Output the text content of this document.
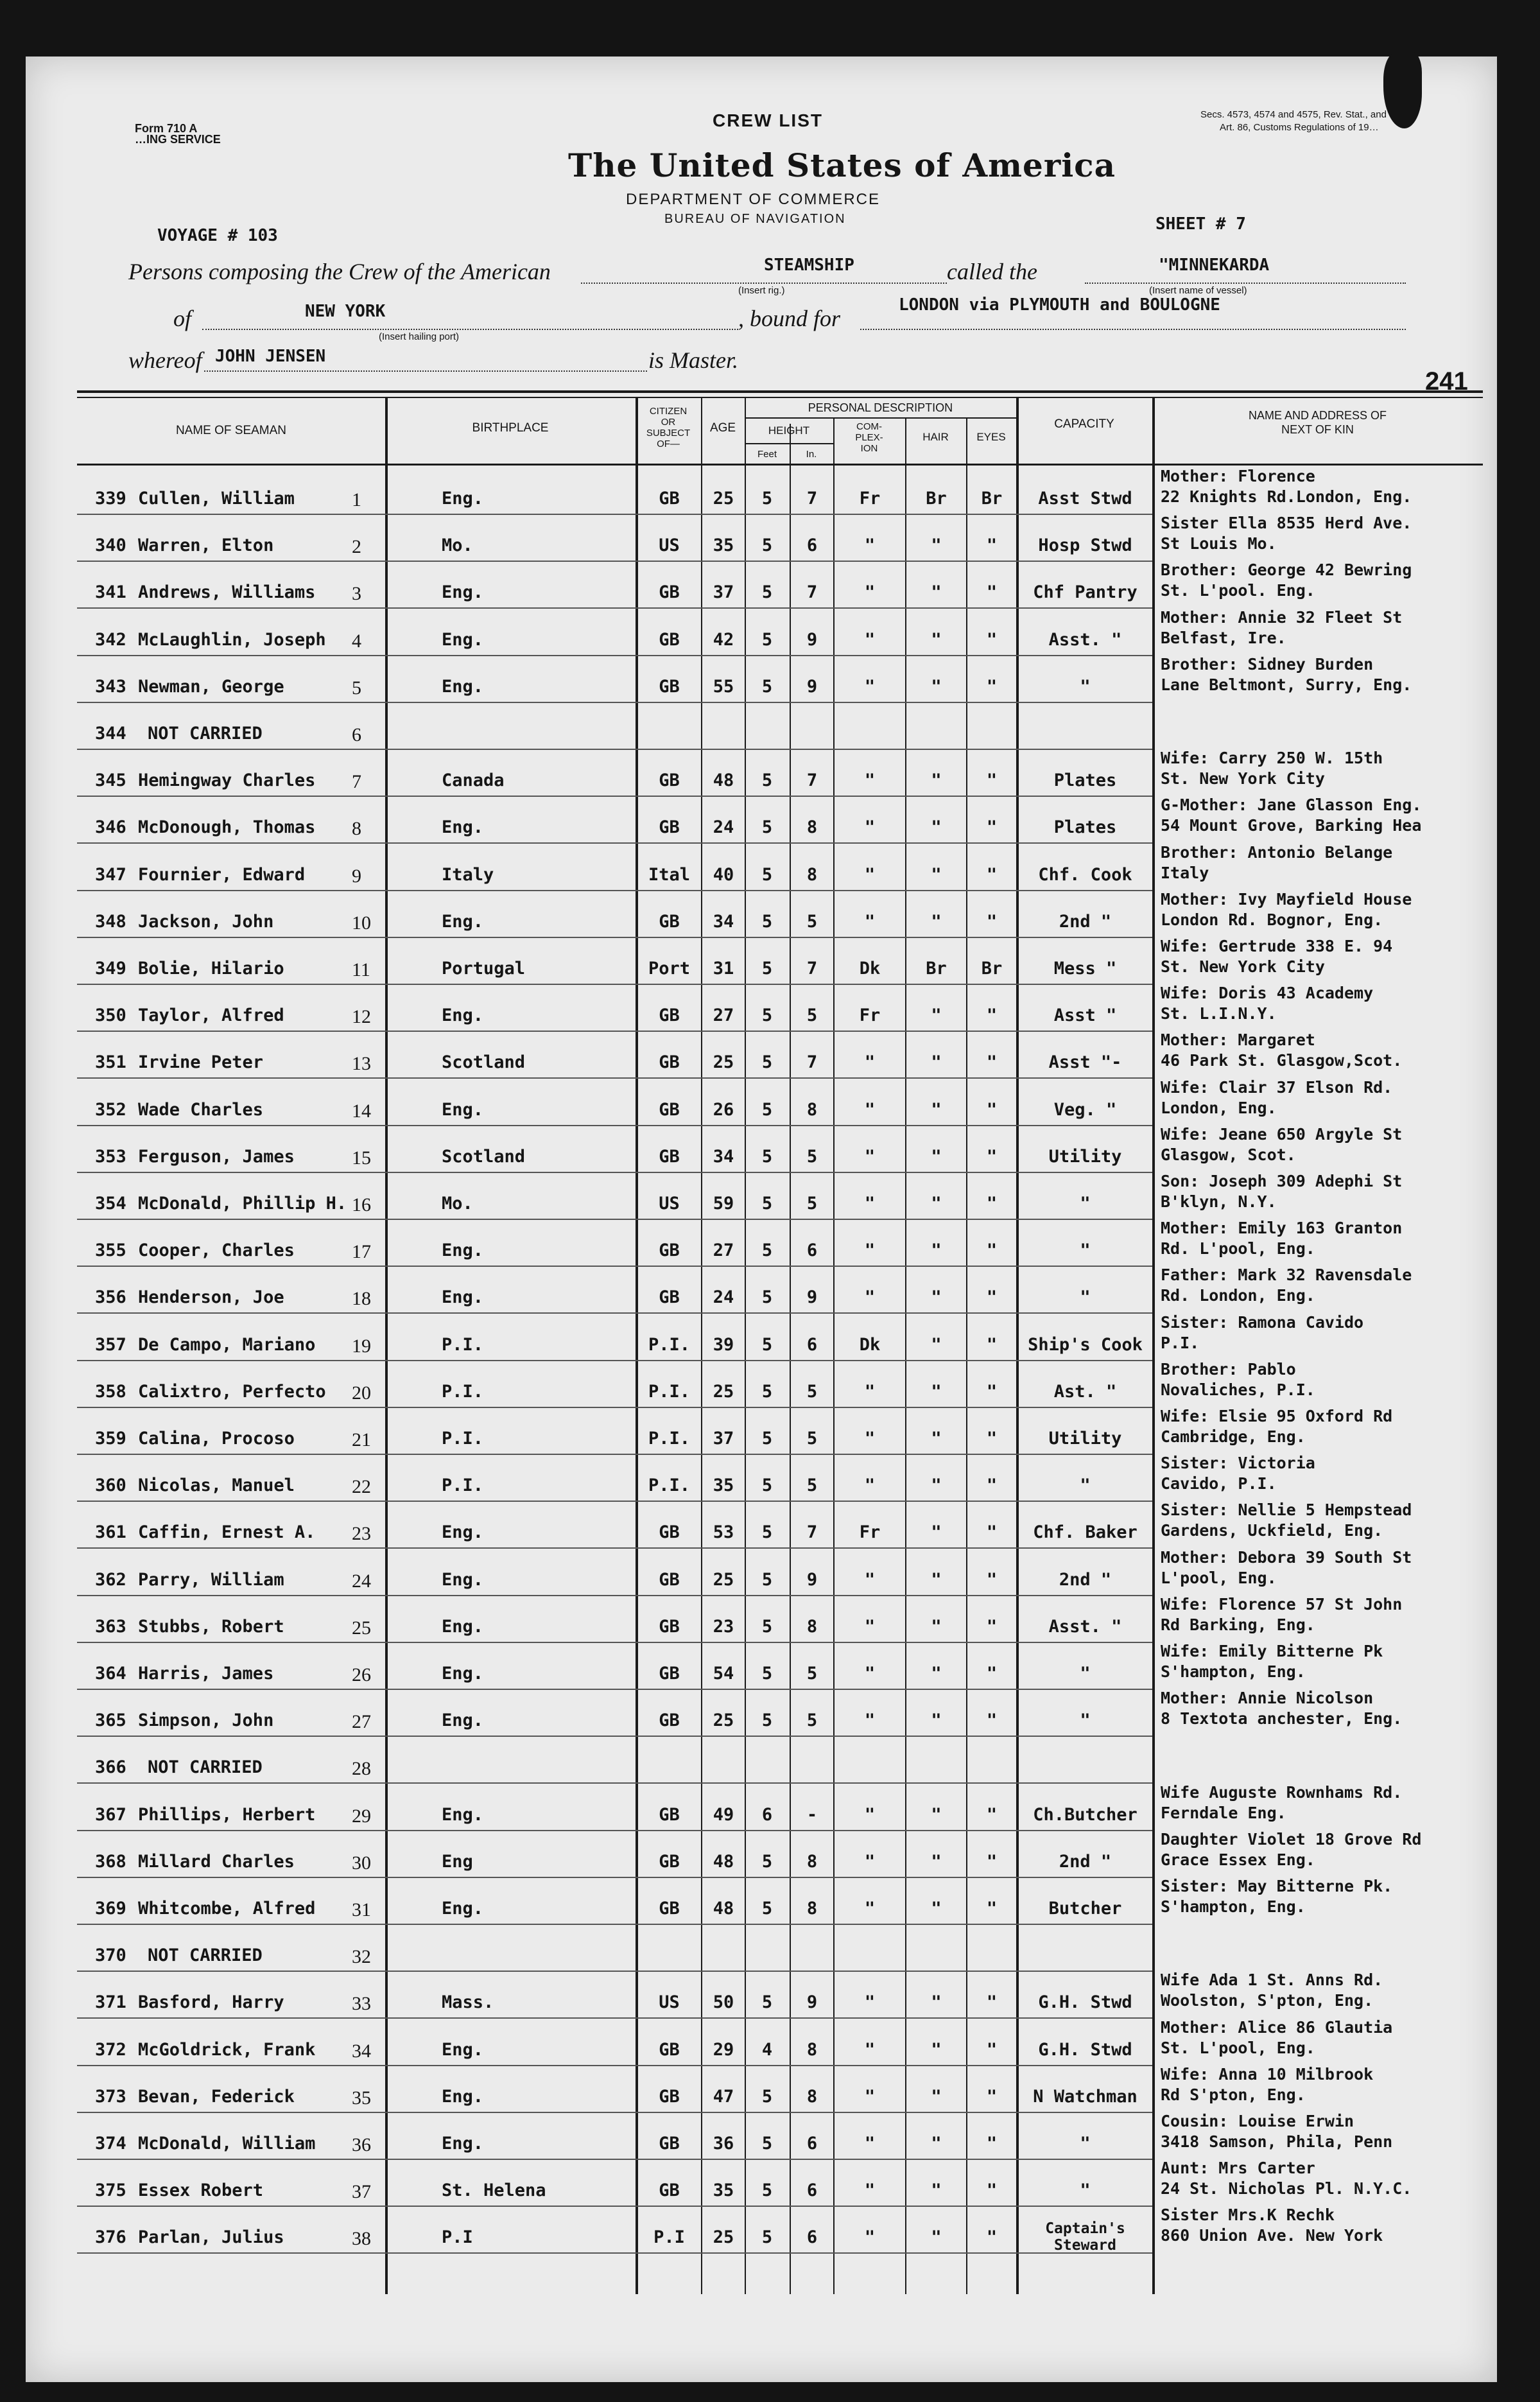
Form 710 A
…ING SERVICE
CREW LIST	Secs. 4573, 4574 and 4575, Rev. Stat., and
Art. 86, Customs Regulations of 19…
The United States of America
DEPARTMENT OF COMMERCE
BUREAU OF NAVIGATION
VOYAGE # 103
SHEET # 7
Persons composing the Crew of the American	STEAMSHIP
(Insert rig.)
called the	"MINNEKARDA
(Insert name of vessel)
of	NEW YORK
(Insert hailing port)
, bound for
LONDON via PLYMOUTH and BOULOGNE
whereof JOHN JENSEN	is Master.
241
NAME OF SEAMAN	BIRTHPLACE
CITIZEN
OR
SUBJECT
OF—
AGE
PERSONAL DESCRIPTION
HEIGHT
Feet	In.
COM-
PLEX-
ION
HAIR	EYES
CAPACITY
NAME AND ADDRESS OF
NEXT OF KIN
339 Cullen, William	1	Eng.	GB	25	5	7	Fr	Br	Br	Asst Stwd
Mother: Florence
22 Knights Rd.London, Eng.
340 Warren, Elton	2	Mo.	US	35	5	6	"	"	"	Hosp Stwd
Sister Ella 8535 Herd Ave.
St Louis Mo.
341 Andrews, Williams 3	Eng.	GB	37	5	7	"	"	"	Chf Pantry
Brother: George 42 Bewring
St. L'pool. Eng.
342 McLaughlin, Joseph 4	Eng.	GB	42	5	9	"	"	"	Asst. "
Mother: Annie 32 Fleet St
Belfast, Ire.
343 Newman, George	5	Eng.	GB	55	5	9	"	"	"	"
Brother: Sidney Burden
Lane Beltmont, Surry, Eng.
344 NOT CARRIED	6
345 Hemingway Charles 7	Canada	GB	48	5	7	"	"	"	Plates
Wife: Carry 250 W. 15th
St. New York City
346 McDonough, Thomas 8	Eng.	GB	24	5	8	"	"	"	Plates
G-Mother: Jane Glasson Eng.
54 Mount Grove, Barking Hea
347 Fournier, Edward 9	Italy	Ital	40	5	8	"	"	"	Chf. Cook
Brother: Antonio Belange
Italy
348 Jackson, John	10	Eng.	GB	34	5	5	"	"	"	2nd "
Mother: Ivy Mayfield House
London Rd. Bognor, Eng.
349 Bolie, Hilario	11	Portugal	Port	31	5	7	Dk	Br	Br	Mess "
Wife: Gertrude 338 E. 94
St. New York City
350 Taylor, Alfred	12	Eng.	GB	27	5	5	Fr	"	"	Asst "
Wife: Doris 43 Academy
St. L.I.N.Y.
351 Irvine Peter	13	Scotland	GB	25	5	7	"	"	"	Asst "-
Mother: Margaret
46 Park St. Glasgow,Scot.
352 Wade Charles	14	Eng.	GB	26	5	8	"	"	"	Veg. "
Wife: Clair 37 Elson Rd.
London, Eng.
353 Ferguson, James	15	Scotland	GB	34	5	5	"	"	"	Utility
Wife: Jeane 650 Argyle St
Glasgow, Scot.
354 McDonald, Phillip H. 16	Mo.	US	59	5	5	"	"	"	"
Son: Joseph 309 Adephi St
B'klyn, N.Y.
355 Cooper, Charles	17	Eng.	GB	27	5	6	"	"	"	"
Mother: Emily 163 Granton
Rd. L'pool, Eng.
356 Henderson, Joe	18	Eng.	GB	24	5	9	"	"	"	"
Father: Mark 32 Ravensdale
Rd. London, Eng.
357 De Campo, Mariano 19	P.I.	P.I.	39	5	6	Dk	"	"	Ship's Cook
Sister: Ramona Cavido
P.I.
358 Calixtro, Perfecto 20	P.I.	P.I.	25	5	5	"	"	"	Ast. "
Brother: Pablo
Novaliches, P.I.
359 Calina, Procoso	21	P.I.	P.I.	37	5	5	"	"	"	Utility
Wife: Elsie 95 Oxford Rd
Cambridge, Eng.
360 Nicolas, Manuel	22	P.I.	P.I.	35	5	5	"	"	"	"
Sister: Victoria
Cavido, P.I.
361 Caffin, Ernest A. 23	Eng.	GB	53	5	7	Fr	"	"	Chf. Baker
Sister: Nellie 5 Hempstead
Gardens, Uckfield, Eng.
362 Parry, William	24	Eng.	GB	25	5	9	"	"	"	2nd "
Mother: Debora 39 South St
L'pool, Eng.
363 Stubbs, Robert	25	Eng.	GB	23	5	8	"	"	"	Asst. "
Wife: Florence 57 St John
Rd Barking, Eng.
364 Harris, James	26	Eng.	GB	54	5	5	"	"	"	"
Wife: Emily Bitterne Pk
S'hampton, Eng.
365 Simpson, John	27	Eng.	GB	25	5	5	"	"	"	"
Mother: Annie Nicolson
8 Textota anchester, Eng.
366 NOT CARRIED	28
367 Phillips, Herbert 29	Eng.	GB	49	6	-	"	"	"	Ch.Butcher
Wife Auguste Rownhams Rd.
Ferndale Eng.
368 Millard Charles	30	Eng	GB	48	5	8	"	"	"	2nd "
Daughter Violet 18 Grove Rd
Grace Essex Eng.
369 Whitcombe, Alfred 31	Eng.	GB	48	5	8	"	"	"	Butcher
Sister: May Bitterne Pk.
S'hampton, Eng.
370 NOT CARRIED	32
371 Basford, Harry	33	Mass.	US	50	5	9	"	"	"	G.H. Stwd
Wife Ada 1 St. Anns Rd.
Woolston, S'pton, Eng.
372 McGoldrick, Frank 34	Eng.	GB	29	4	8	"	"	"	G.H. Stwd
Mother: Alice 86 Glautia
St. L'pool, Eng.
373 Bevan, Federick	35	Eng.	GB	47	5	8	"	"	"	N Watchman
Wife: Anna 10 Milbrook
Rd S'pton, Eng.
374 McDonald, William 36	Eng.	GB	36	5	6	"	"	"	"
Cousin: Louise Erwin
3418 Samson, Phila, Penn
375 Essex Robert	37	St. Helena	GB	35	5	6	"	"	"	"
Aunt: Mrs Carter
24 St. Nicholas Pl. N.Y.C.
376 Parlan, Julius	38	P.I	P.I	25	5	6	"	"	"	Captain's Steward
Sister Mrs.K Rechk
860 Union Ave. New York
